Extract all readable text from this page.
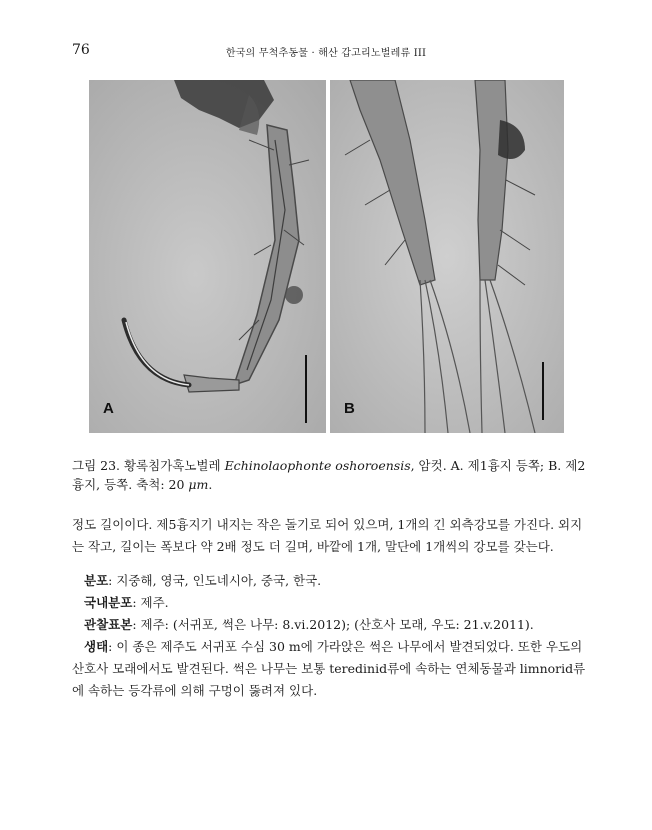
76	한국의 무척추동물 · 해산 갑고리노벌레류 III
A	B
그림 23. 황록침가혹노벌레 Echinolaophonte oshoroensis, 암컷. A. 제1흉지 등쪽; B. 제2흉지, 등쪽. 축척: 20 μm.

정도 길이이다. 제5흉지기 내지는 작은 돌기로 되어 있으며, 1개의 긴 외측강모를 가진다. 외지는 작고, 길이는 폭보다 약 2배 정도 더 길며, 바깥에 1개, 말단에 1개씩의 강모를 갖는다.

분포: 지중해, 영국, 인도네시아, 중국, 한국.
국내분포: 제주.
관찰표본: 제주: (서귀포, 썩은 나무: 8.vi.2012); (산호사 모래, 우도: 21.v.2011).
생태: 이 종은 제주도 서귀포 수심 30 m에 가라앉은 썩은 나무에서 발견되었다. 또한 우도의 산호사 모래에서도 발견된다. 썩은 나무는 보통 teredinid류에 속하는 연체동물과 limnorid류에 속하는 등각류에 의해 구멍이 뚫려져 있다.
